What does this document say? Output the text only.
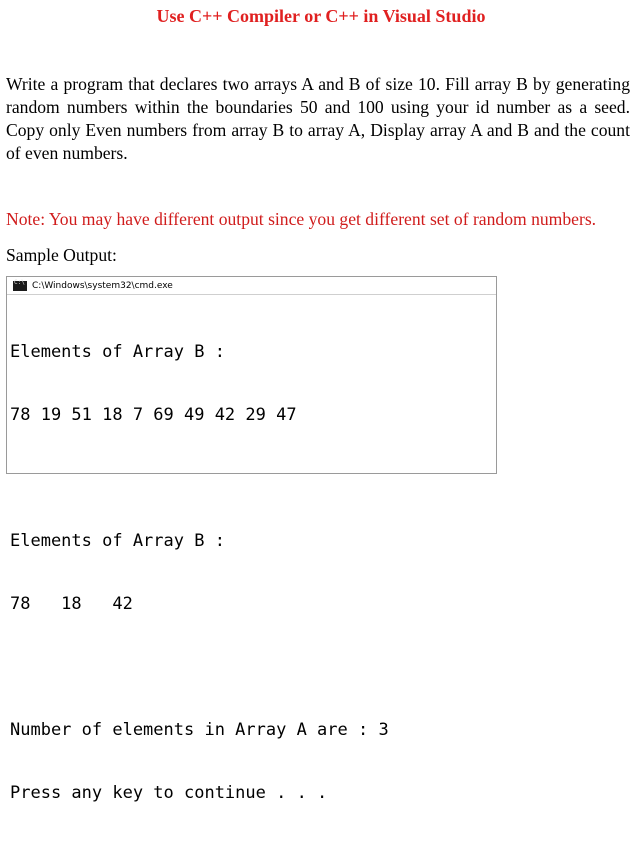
Use C++ Compiler or C++ in Visual Studio
Write a program that declares two arrays A and B of size 10. Fill array B by generating random numbers within the boundaries 50 and 100 using your id number as a seed. Copy only Even numbers from array B to array A, Display array A and B and the count of even numbers.
Note: You may have different output since you get different set of random numbers.
Sample Output:
C:\
C:\Windows\system32\cmd.exe

Elements of Array B :

78 19 51 18 7 69 49 42 29 47

Elements of Array B :

78   18   42

Number of elements in Array A are : 3

Press any key to continue . . .
